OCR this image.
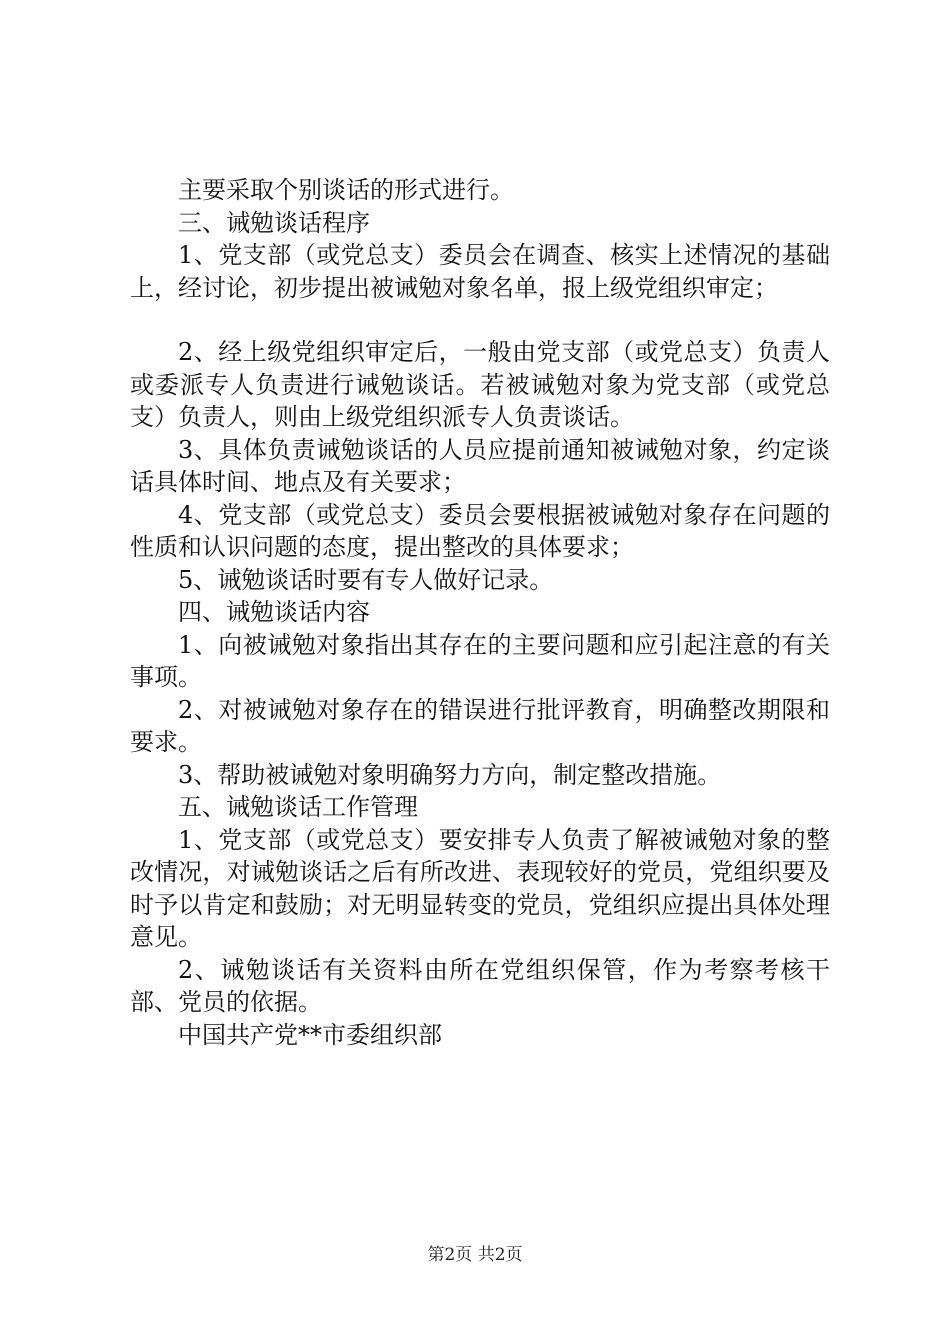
主要采取个别谈话的形式进行。

三、诫勉谈话程序

1、党支部（或党总支）委员会在调查、核实上述情况的基础上，经讨论，初步提出被诫勉对象名单，报上级党组织审定；

2、经上级党组织审定后，一般由党支部（或党总支）负责人或委派专人负责进行诫勉谈话。若被诫勉对象为党支部（或党总支）负责人，则由上级党组织派专人负责谈话。

3、具体负责诫勉谈话的人员应提前通知被诫勉对象，约定谈话具体时间、地点及有关要求；

4、党支部（或党总支）委员会要根据被诫勉对象存在问题的性质和认识问题的态度，提出整改的具体要求；

5、诫勉谈话时要有专人做好记录。

四、诫勉谈话内容

1、向被诫勉对象指出其存在的主要问题和应引起注意的有关事项。

2、对被诫勉对象存在的错误进行批评教育，明确整改期限和要求。

3、帮助被诫勉对象明确努力方向，制定整改措施。

五、诫勉谈话工作管理

1、党支部（或党总支）要安排专人负责了解被诫勉对象的整改情况，对诫勉谈话之后有所改进、表现较好的党员，党组织要及时予以肯定和鼓励；对无明显转变的党员，党组织应提出具体处理意见。

2、诫勉谈话有关资料由所在党组织保管，作为考察考核干部、党员的依据。

中国共产党**市委组织部

第2页 共2页
